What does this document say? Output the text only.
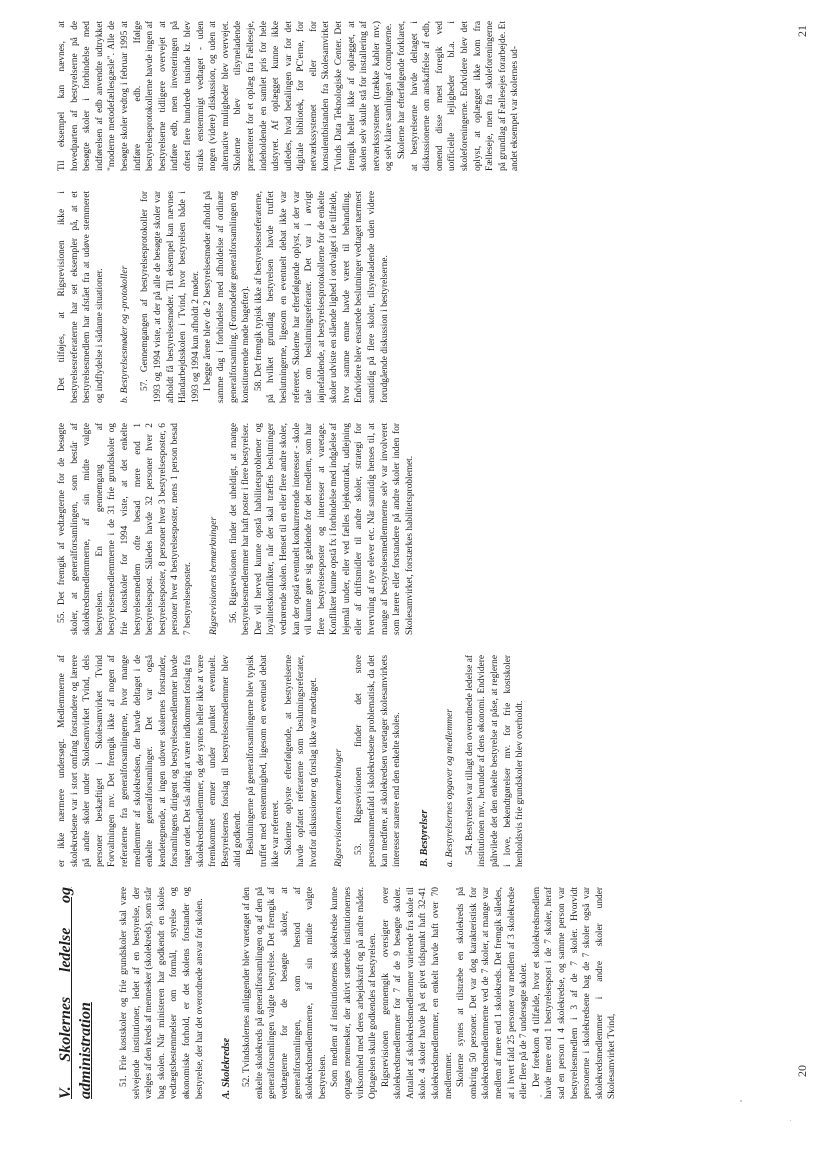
20
21
V. Skolernes ledelse og administration	51. Frie kostskoler og frie grundskoler skal være selvejende institutioner, ledet af en bestyrelse, der vælges af den kreds af mennesker (skolekreds), som står bag skolen. Når ministeren har godkendt en skoles vedtægtsbestemmelser om formål, styrelse og økonomiske forhold, er det skolens forstander og bestyrelse, der har det overordnede ansvar for skolen. A. Skolekredse 52. Tvindskolernes anliggender blev varetaget af den enkelte skolekreds på generalforsamlingen og af den på generalforsamlingen valgte bestyrelse. Det fremgik af vedtægterne for de besøgte skoler, at generalforsamlingen, som bestod af skolekredsmedlemmerne, af sin midte valgte bestyrelsen. Som medlem af institutionernes skolekredse kunne optages mennesker, der aktivt støttede institutionernes virksomhed med deres arbejdskraft og på andre måder. Optagelsen skulle godkendes af bestyrelsen. Rigsrevisionen gennemgik oversigter over skolekredsmedlemmer for 7 af de 9 besøgte skoler. Antallet af skolekredsmedlemmer varierede fra skole til skole. 4 skoler havde på et givet tidspunkt haft 32-41 skolekredsmedlemmer, en enkelt havde haft over 70 medlemmer. Skolerne syntes at tilstræbe en skolekreds på omkring 50 personer. Det var dog karakteristisk for skolekredsmedlemmerne ved de 7 skoler, at mange var medlem af mere end 1 skolekreds. Det fremgik således, at i hvert fald 25 personer var medlem af 3 skolekredse eller flere på de 7 undersøgte skoler. Der forekom 4 tilfælde, hvor et skolekredsmedlem havde mere end 1 bestyrelsespost i de 7 skoler, heraf sad en person i 4 skolekredse, og samme person var bestyrelsesmedlem i 3 af de 7 skoler. Hvorvidt personerne i skolekredsene bag de 7 skoler også var skolekredsmedlemmer i andre skoler under Skolesamvirket Tvind,

er ikke nærmere undersøgt. Medlemmerne af skolekredsene var i stort omfang forstandere og lærere på andre skoler under Skolesamvirket Tvind, dels personer beskæftiget i Skolesamvirket Tvind Forvaltningen mv. Det fremgik ikke af nogen af referaterne fra generalforsamlingerne, hvor mange medlemmer af skolekredsen, der havde deltaget i de enkelte generalforsamlinger. Det var også kendetegnende, at ingen udover skolernes forstander, forsamlingens dirigent og bestyrelsesmedlemmer havde taget ordet. Det sås aldrig at være indkommet forslag fra skolekredsmedlemmer, og der syntes heller ikke at være fremkommet emner under punktet eventuelt. Bestyrelsernes forslag til bestyrelsesmedlemmer blev altid godkendt. Beslutningerne på generalforsamlingerne blev typisk truffet med enstemmighed, ligesom en eventuel debat ikke var refereret. Skolerne oplyste efterfølgende, at bestyrelserne havde opfattet referaterne som beslutningsreferater, hvorfor diskussioner og forslag ikke var medtaget. Rigsrevisionens bemærkninger 53. Rigsrevisionen finder det store personsammenfald i skolekredsene problematisk, da det kan medføre, at skolekredsen varetager skolesamvirkets interesser snarere end den enkelte skoles. B. Bestyrelser a. Bestyrelsernes opgaver og medlemmer 54. Bestyrelsen var tillagt den overordnede ledelse af institutionen mv., herunder af dens økonomi. Endvidere påhvilede det den enkelte bestyrelse at påse, at reglerne i love, bekendtgørelser mv. for frie kostskoler henholdsvis frie grundskoler blev overholdt.

55. Det fremgik af vedtægterne for de besøgte skoler, at generalforsamlingen, som består af skolekredsmedlemmerne, af sin midte valgte bestyrelsen. En gennemgang af bestyrelsesmedlemmerne i de 31 frie grundskoler og frie kostskoler for 1994 viste, at det enkelte bestyrelsesmedlem ofte besad mere end 1 bestyrelsespost. Således havde 32 personer hver 2 bestyrelsesposter, 8 personer hver 3 bestyrelsesposter, 6 personer hver 4 bestyrelsesposter, mens 1 person besad 7 bestyrelsesposter. Rigsrevisionens bemærkninger 56. Rigsrevisionen finder det uheldigt, at mange bestyrelsesmedlemmer har haft poster i flere bestyrelser. Der vil herved kunne opstå habilitetsproblemer og loyalitetskonflikter, når der skal træffes beslutninger vedrørende skolen. Henset til en eller flere andre skoler, kan der opstå eventuelt konkurrerende interesser - skole vil kunne gøre sig gældende for det medlem, som har flere bestyrelsesposter og interesser at varetage. Konflikter kunne opstå fx i forbindelse med indgåelse af lejemål under, eller ved fælles lejekontrakt, udlejning eller af driftsmidler til andre skoler, strategi for hvervning af nye elever etc. Når samtidig henses til, at mange af bestyrelsesmedlemmerne selv var involveret som lærere eller forstandere på andre skoler inden for Skolesamvirket, forstærkes habilitetsproblemet.

Det tilføjes, at Rigsrevisionen ikke i bestyrelsesreferaterne har set eksempler på, at et bestyrelsesmedlem har afstået fra at udøve stemmeret og indflydelse i sådanne situationer. b. Bestyrelsesmøder og -protokoller 57. Gennemgangen af bestyrelsesprotokoller for 1993 og 1994 viste, at der på alle de besøgte skoler var afholdt få bestyrelsesmøder. Til eksempel kan nævnes Håndarbejdsskolen i Tvind, hvor bestyrelsen både i 1993 og 1994 kun afholdt 2 møder. I begge årene blev de 2 bestyrelsesmøder afholdt på samme dag i forbindelse med afholdelse af ordinær generalforsamling. (Formodefør generalforsamlingen og konstituerende møde bagefter). 58. Det fremgik typisk ikke af bestyrelsesreferaterne, på hvilket grundlag bestyrelsen havde truffet beslutningerne, ligesom en eventuelt debat ikke var refereret. Skolerne har efterfølgende oplyst, at der var tale om beslutningsreferater. Det var i øvrigt iøjnefaldende, at bestyrelsesprotokollerne for de enkelte skoler udviste en slående lighed i ordvalget i de tilfælde, hvor samme emne havde været til behandling. Endvidere blev ensartede beslutninger vedtaget nærmest samtidig på flere skoler, tilsyneladende uden videre forudgående diskussion i bestyrelserne.

Til eksempel kan nævnes, at hovedparten af bestyrelserne på de besøgte skoler i forbindelse med indførelsen af edb anvendte udtrykket "moderne metodefællesgæsle". Alle de besøgte skoler vedtog i februar 1995 at indføre edb. Ifølge bestyrelsesprotokollerne havde ingen af bestyrelserne tidligere overvejet at indføre edb, men investeringen på oftest flere hundrede tusinde kr. blev straks enstemmigt vedtaget - uden nogen (videre) diskussion, og uden at alternative muligheder blev overvejet. Skolerne blev tilsyneladende præsenteret for et oplæg fra Fælleseje, indeholdende en samlet pris for hele udstyret. Af oplægget kunne ikke udledes, hvad betalingen var for det digitale bibliotek, for PC'erne, for netværkssystemet eller for konsulentbistanden fra Skolesamvirket Tvinds Data Teknologiske Center. Det fremgik heller ikke af oplægget, at skolen selv skulle stå for installering af netværkssystemet (trække kabler mv.) og selv klare samlingen af computerne. Skolerne har efterfølgende forklaret, at bestyrelserne havde deltaget i diskussionerne om anskaffelse af edb, omend disse mest foregik ved uofficielle lejligheder bl.a. i skoleforeningerne. Endvidere blev det oplyst, at oplægget ikke kom fra Fælleseje, men fra skoleforeningerne på grundlag af Fællesejes forarbejde. Et andet eksempel var skolernes ud-
